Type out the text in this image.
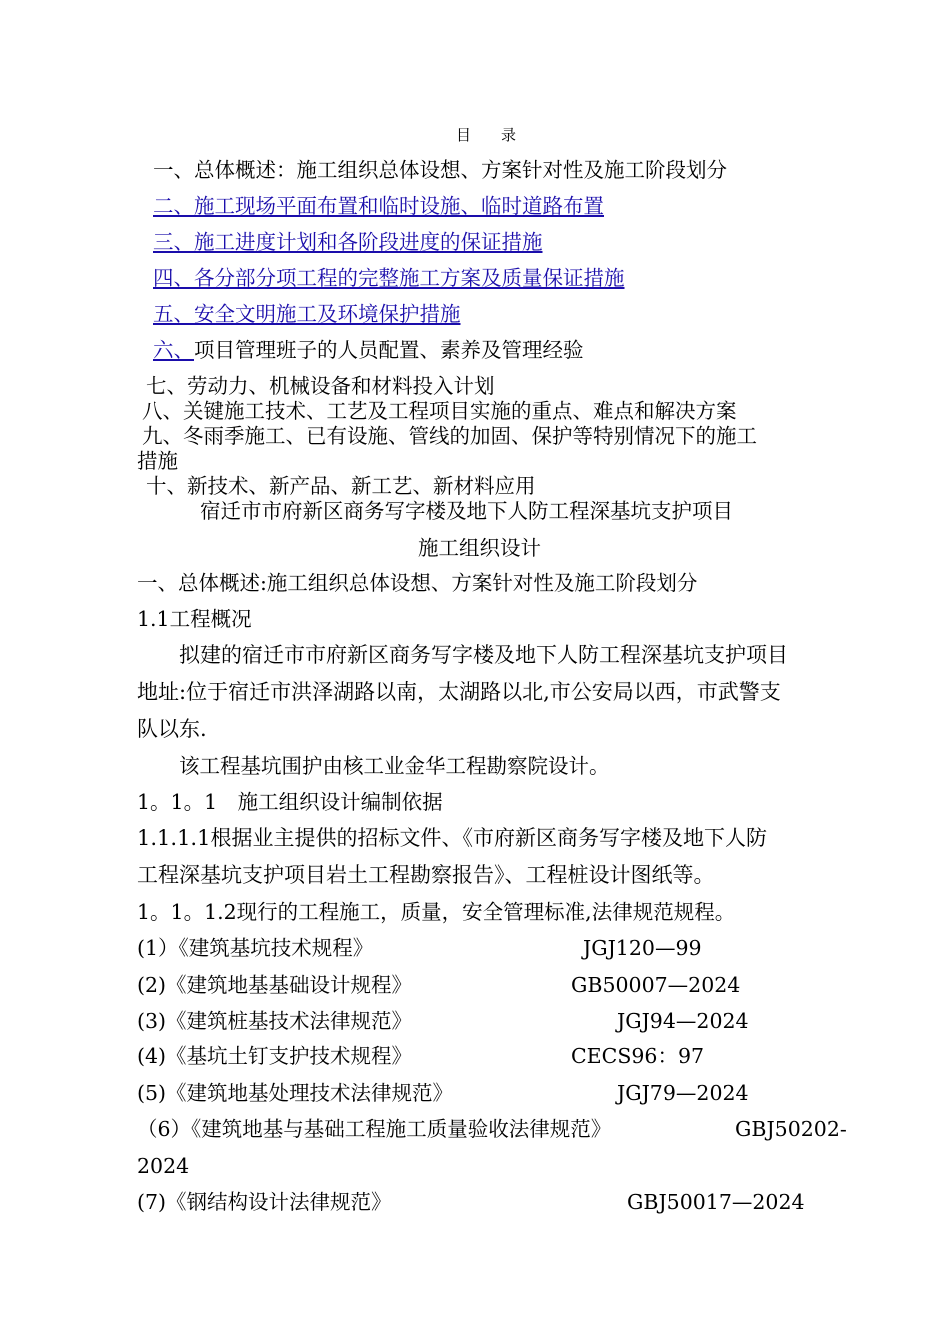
目　　录
一、总体概述：施工组织总体设想、方案针对性及施工阶段划分
二、施工现场平面布置和临时设施、临时道路布置
三、施工进度计划和各阶段进度的保证措施
四、各分部分项工程的完整施工方案及质量保证措施
五、安全文明施工及环境保护措施
六、项目管理班子的人员配置、素养及管理经验
七、劳动力、机械设备和材料投入计划
八、关键施工技术、工艺及工程项目实施的重点、难点和解决方案
九、冬雨季施工、已有设施、管线的加固、保护等特别情况下的施工
措施
十、新技术、新产品、新工艺、新材料应用
宿迁市市府新区商务写字楼及地下人防工程深基坑支护项目
施工组织设计
一、总体概述:施工组织总体设想、方案针对性及施工阶段划分
1.1工程概况
拟建的宿迁市市府新区商务写字楼及地下人防工程深基坑支护项目
地址:位于宿迁市洪泽湖路以南，太湖路以北,市公安局以西，市武警支
队以东.
该工程基坑围护由核工业金华工程勘察院设计。
1。1。1　施工组织设计编制依据
1.1.1.1根据业主提供的招标文件、《市府新区商务写字楼及地下人防
工程深基坑支护项目岩土工程勘察报告》、工程桩设计图纸等。
1。1。1.2现行的工程施工，质量，安全管理标准,法律规范规程。
(1）《建筑基坑技术规程》	JGJ120—99
(2)《建筑地基基础设计规程》	GB50007—2024
(3)《建筑桩基技术法律规范》	JGJ94—2024
(4)《基坑土钉支护技术规程》	CECS96：97
(5)《建筑地基处理技术法律规范》	JGJ79—2024
（6）《建筑地基与基础工程施工质量验收法律规范》	GBJ50202-
2024
(7)《钢结构设计法律规范》	GBJ50017—2024
